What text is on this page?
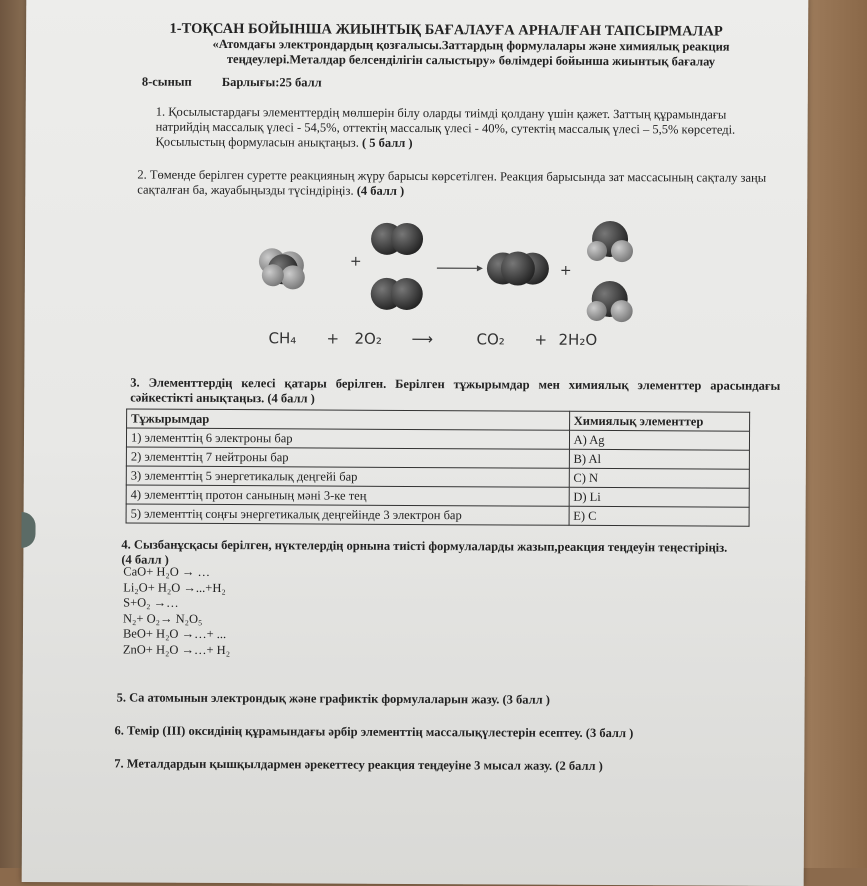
1-ТОҚСАН БОЙЫНША ЖИЫНТЫҚ БАҒАЛАУҒА АРНАЛҒАН ТАПСЫРМАЛАР
«Атомдағы электрондардың қозғалысы.Заттардың формулалары және химиялық реакция
теңдеулері.Металдар белсенділігін салыстыру» бөлімдері бойынша жиынтық бағалау
8-сынып Барлығы:25 балл
1. Қосылыстардағы элементтердің мөлшерін білу оларды тиімді қолдану үшін қажет. Заттың құрамындағы натрийдің массалық үлесі - 54,5%, оттектің массалық үлесі - 40%, сутектің массалық үлесі – 5,5% көрсетеді. Қосылыстың формуласын анықтаңыз. ( 5 балл )
2. Төменде берілген суретте реакцияның жүру барысы көрсетілген. Реакция барысында зат массасының сақталу заңы сақталған ба, жауабыңызды түсіндіріңіз. (4 балл )
+
+
CH₄ + 2O₂ ⟶	CO₂ + 2H₂O
3. Элементтердің келесі қатары берілген. Берілген тұжырымдар мен химиялық элементтер арасындағы сәйкестікті анықтаңыз. (4 балл )
Тұжырымдар	Химиялық элементтер
1) элементтің 6 электроны бар	A) Ag
2) элементтің 7 нейтроны бар	B) Al
3) элементтің 5 энергетикалық деңгейі бар	C) N
4) элементтің протон санының мәні 3-ке тең	D) Li
5) элементтің соңғы энергетикалық деңгейінде 3 электрон бар	E) C
4. Сызбанұсқасы берілген, нүктелердің орнына тиісті формулаларды жазып,реакция теңдеуін теңестіріңіз.
(4 балл )
CaO+ H₂O → …
Li₂O+ H₂O →...+H₂
S+O₂ →…
N₂+ O₂→ N₂O₅
BeO+ H₂O →…+ ...
ZnO+ H₂O →…+ H₂
5. Са атомынын электрондық және графиктік формулаларын жазу. (3 балл )
6. Темір (ІІІ) оксидінің құрамындағы әрбір элементтің массалықүлестерін есептеу. (3 балл )
7. Металдардын қышқылдармен әрекеттесу реакция теңдеуіне 3 мысал жазу. (2 балл )
